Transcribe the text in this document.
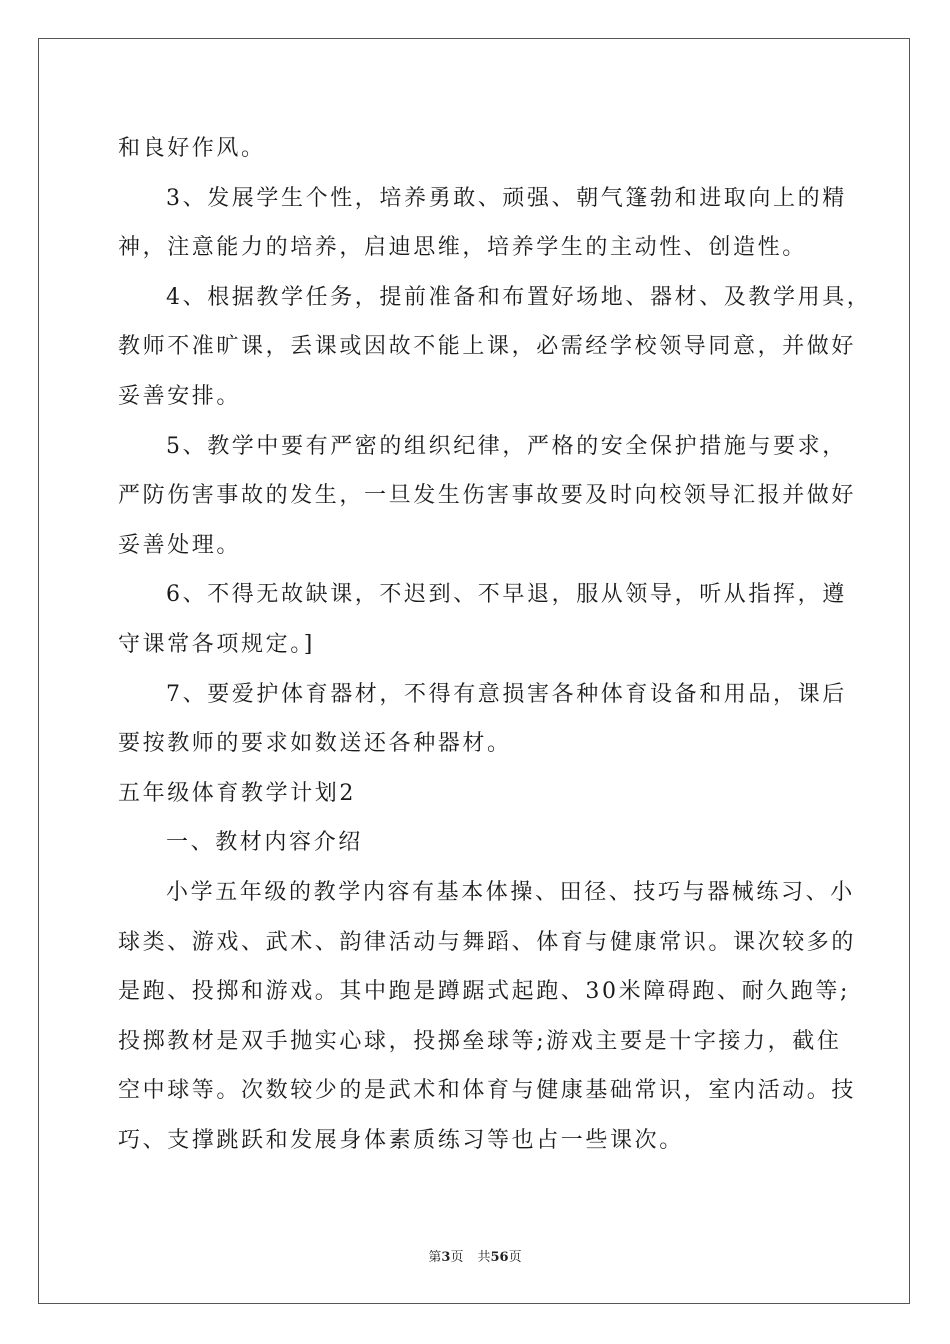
和良好作风。
3、发展学生个性，培养勇敢、顽强、朝气篷勃和进取向上的精
神，注意能力的培养，启迪思维，培养学生的主动性、创造性。
4、根据教学任务，提前准备和布置好场地、器材、及教学用具，
教师不准旷课，丢课或因故不能上课，必需经学校领导同意，并做好
妥善安排。
5、教学中要有严密的组织纪律，严格的安全保护措施与要求，
严防伤害事故的发生，一旦发生伤害事故要及时向校领导汇报并做好
妥善处理。
6、不得无故缺课，不迟到、不早退，服从领导，听从指挥，遵
守课常各项规定。]
7、要爱护体育器材，不得有意损害各种体育设备和用品，课后
要按教师的要求如数送还各种器材。
五年级体育教学计划2
一、教材内容介绍
小学五年级的教学内容有基本体操、田径、技巧与器械练习、小
球类、游戏、武术、韵律活动与舞蹈、体育与健康常识。课次较多的
是跑、投掷和游戏。其中跑是蹲踞式起跑、30米障碍跑、耐久跑等;
投掷教材是双手抛实心球，投掷垒球等;游戏主要是十字接力，截住
空中球等。次数较少的是武术和体育与健康基础常识，室内活动。技
巧、支撑跳跃和发展身体素质练习等也占一些课次。
第3页 共56页
